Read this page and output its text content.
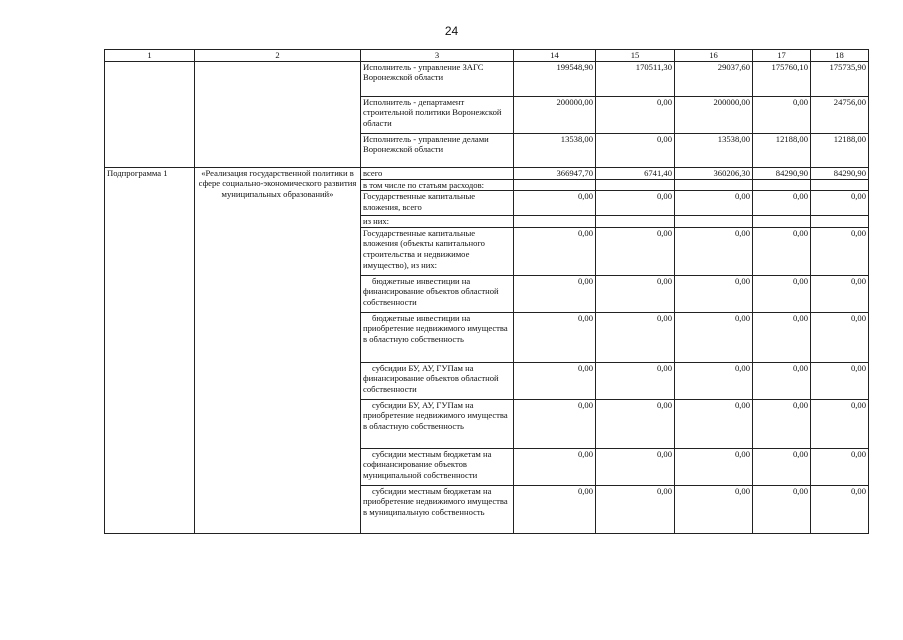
24
1	2	3	14	15	16	17	18
		Исполнитель - управление ЗАГС Воронежской области	199548,90	170511,30	29037,60	175760,10	175735,90
		Исполнитель - департамент строительной политики Воронежской области	200000,00	0,00	200000,00	0,00	24756,00
		Исполнитель - управление делами Воронежской области	13538,00	0,00	13538,00	12188,00	12188,00
Подпрограмма 1	«Реализация государственной политики в сфере социально-экономического развития муниципальных образований»	всего	366947,70	6741,40	360206,30	84290,90	84290,90
		в том числе по статьям расходов:					
		Государственные капитальные вложения, всего	0,00	0,00	0,00	0,00	0,00
		из них:					
		Государственные капитальные вложения (объекты капитального строительства и недвижимое имущество), из них:	0,00	0,00	0,00	0,00	0,00
		бюджетные инвестиции на финансирование объектов областной собственности	0,00	0,00	0,00	0,00	0,00
		бюджетные инвестиции на приобретение недвижимого имущества в областную собственность	0,00	0,00	0,00	0,00	0,00
		субсидии БУ, АУ, ГУПам на финансирование объектов областной собственности	0,00	0,00	0,00	0,00	0,00
		субсидии БУ, АУ, ГУПам на приобретение недвижимого имущества в областную собственность	0,00	0,00	0,00	0,00	0,00
		субсидии местным бюджетам на софинансирование объектов муниципальной собственности	0,00	0,00	0,00	0,00	0,00
		субсидии местным бюджетам на приобретение недвижимого имущества в муниципальную собственность	0,00	0,00	0,00	0,00	0,00
